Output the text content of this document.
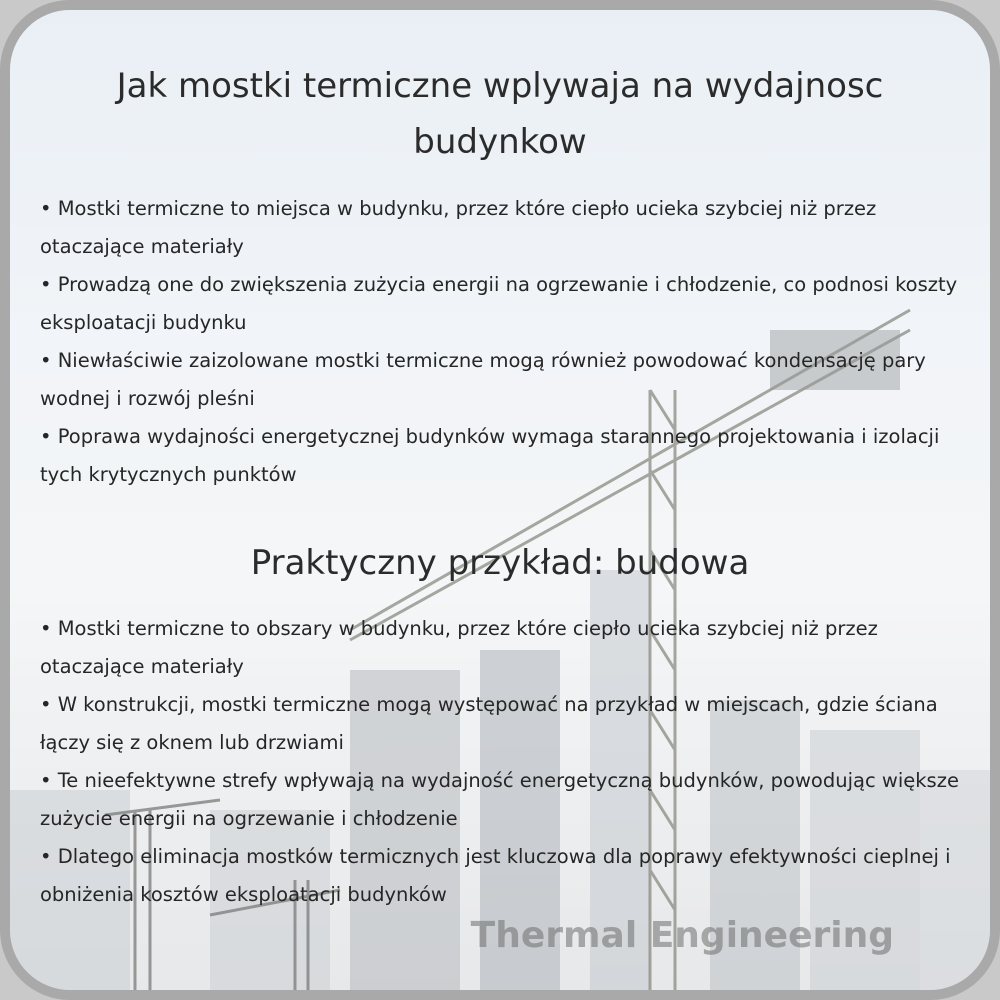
Jak mostki termiczne wplywaja na wydajnosc budynkow
• Mostki termiczne to miejsca w budynku, przez które ciepło ucieka szybciej niż przez otaczające materiały
• Prowadzą one do zwiększenia zużycia energii na ogrzewanie i chłodzenie, co podnosi koszty eksploatacji budynku
• Niewłaściwie zaizolowane mostki termiczne mogą również powodować kondensację pary wodnej i rozwój pleśni
• Poprawa wydajności energetycznej budynków wymaga starannego projektowania i izolacji tych krytycznych punktów
Praktyczny przykład: budowa
• Mostki termiczne to obszary w budynku, przez które ciepło ucieka szybciej niż przez otaczające materiały
• W konstrukcji, mostki termiczne mogą występować na przykład w miejscach, gdzie ściana łączy się z oknem lub drzwiami
• Te nieefektywne strefy wpływają na wydajność energetyczną budynków, powodując większe zużycie energii na ogrzewanie i chłodzenie
• Dlatego eliminacja mostków termicznych jest kluczowa dla poprawy efektywności cieplnej i obniżenia kosztów eksploatacji budynków
Thermal Engineering
